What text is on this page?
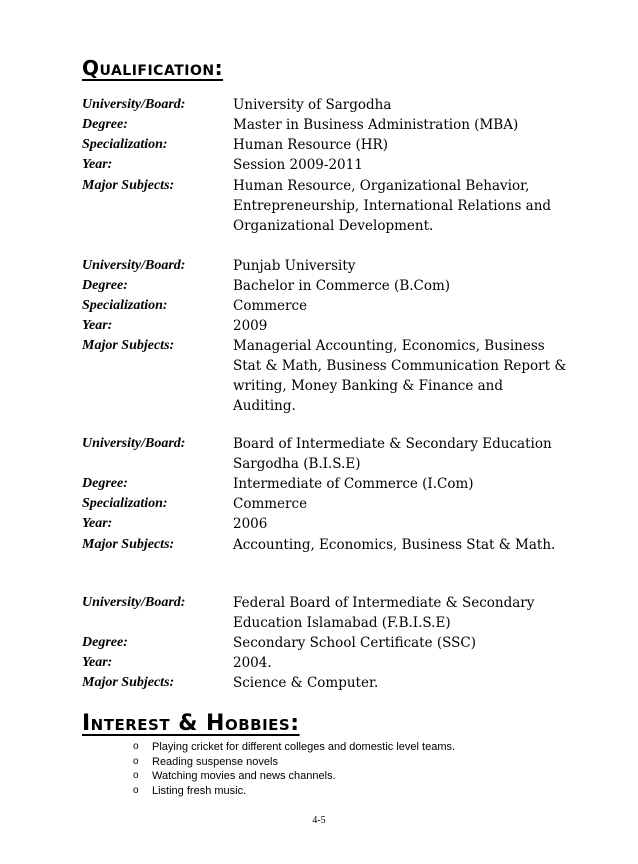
Qualification:
University/Board:	University of Sargodha
Degree:	Master in Business Administration (MBA)
Specialization:	Human Resource (HR)
Year:	Session 2009-2011
Major Subjects:	Human Resource, Organizational Behavior,
Entrepreneurship, International Relations and
Organizational Development.
University/Board:	Punjab University
Degree:	Bachelor in Commerce (B.Com)
Specialization:	Commerce
Year:	2009
Major Subjects:	Managerial Accounting, Economics, Business
Stat & Math, Business Communication Report &
writing, Money Banking & Finance and
Auditing.
University/Board:	Board of Intermediate & Secondary Education
Sargodha (B.I.S.E)
Degree:	Intermediate of Commerce (I.Com)
Specialization:	Commerce
Year:	2006
Major Subjects:	Accounting, Economics, Business Stat & Math.
University/Board:	Federal Board of Intermediate & Secondary
Education Islamabad (F.B.I.S.E)
Degree:	Secondary School Certificate (SSC)
Year:	2004.
Major Subjects:	Science & Computer.
Interest & Hobbies:
o Playing cricket for different colleges and domestic level teams.
o Reading suspense novels
o Watching movies and news channels.
o Listing fresh music.
4-5
